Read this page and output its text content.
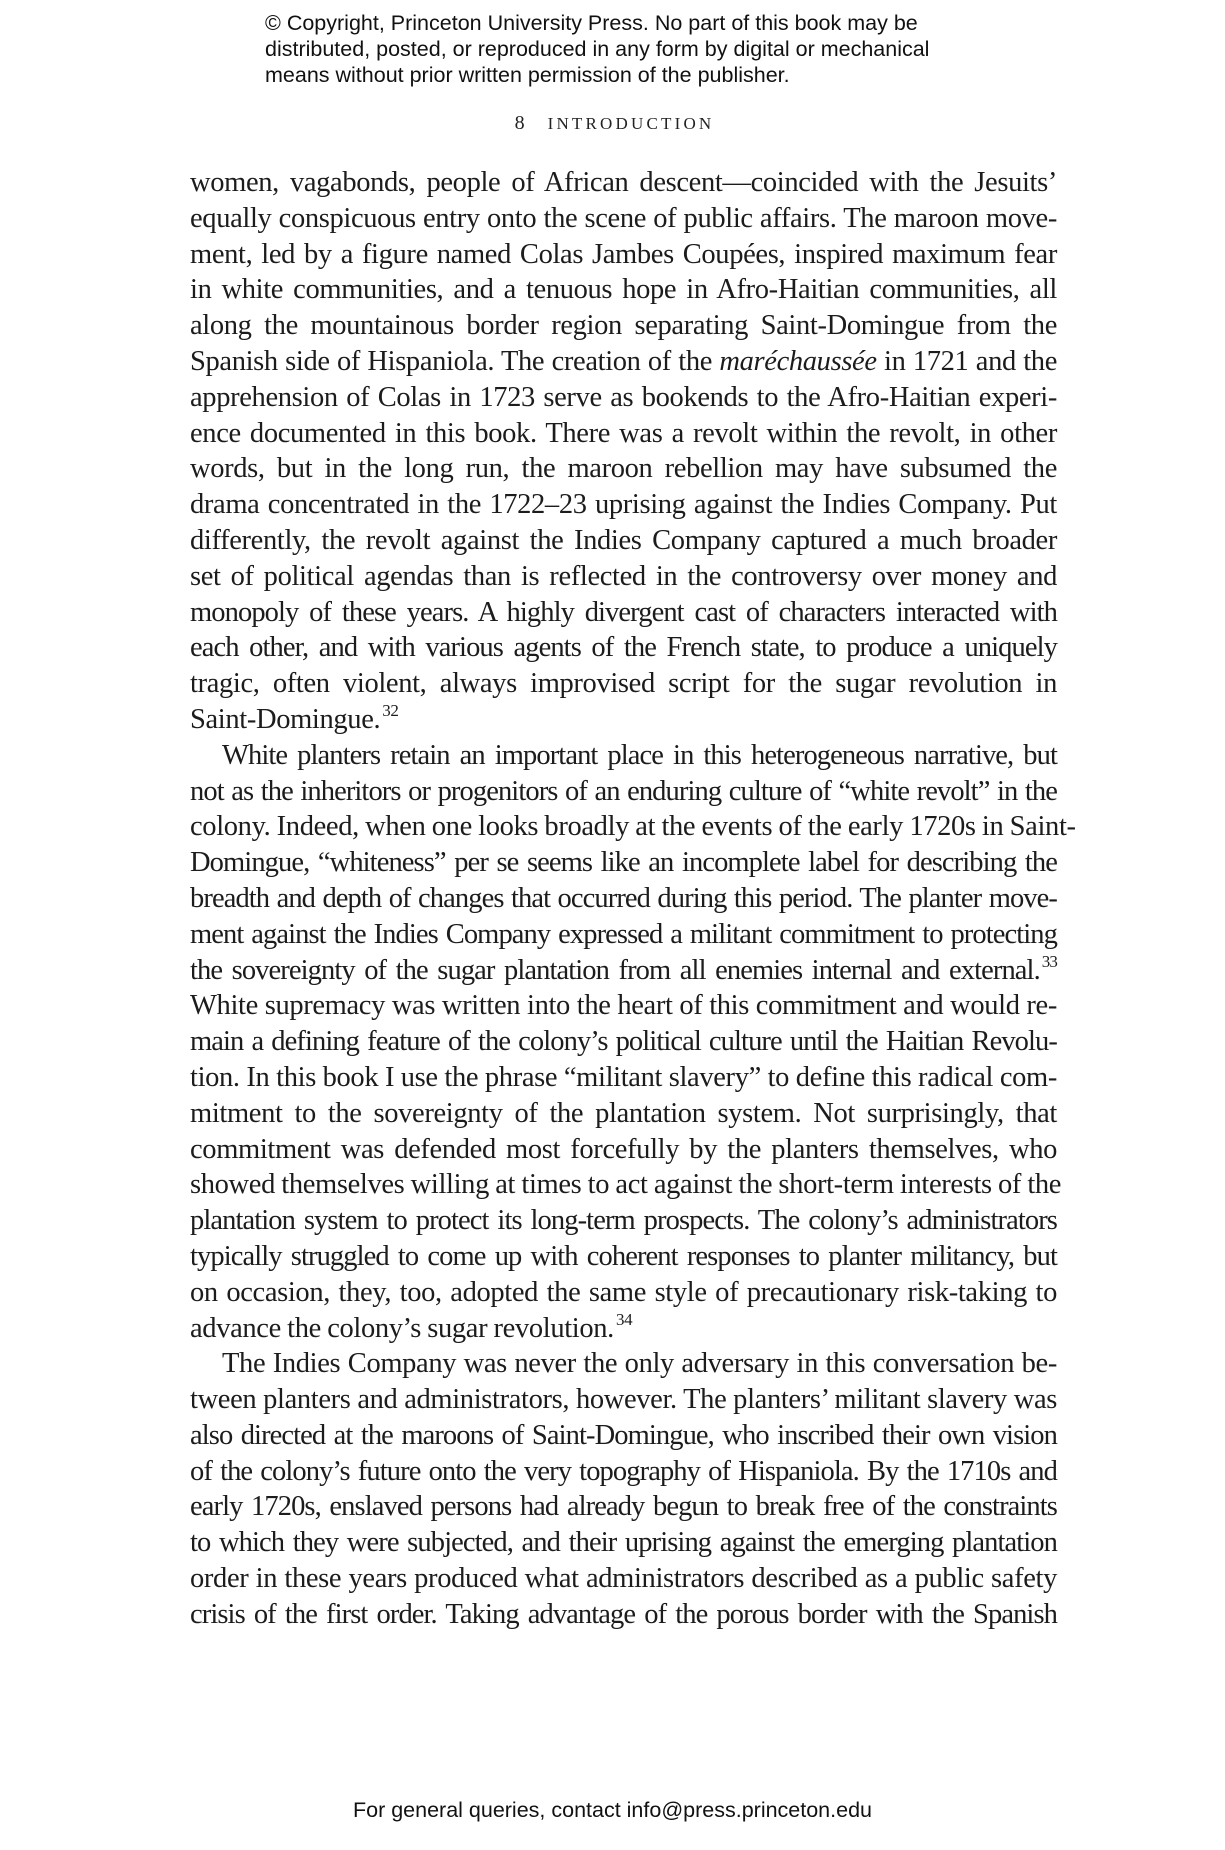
© Copyright, Princeton University Press. No part of this book may be
distributed, posted, or reproduced in any form by digital or mechanical
means without prior written permission of the publisher.
8 INTRODUCTION
women, vagabonds, people of African descent—coincided with the Jesuits’
equally conspicuous entry onto the scene of public affairs. The maroon move-
ment, led by a figure named Colas Jambes Coupées, inspired maximum fear
in white communities, and a tenuous hope in Afro-Haitian communities, all
along the mountainous border region separating Saint-Domingue from the
Spanish side of Hispaniola. The creation of the maréchaussée in 1721 and the
apprehension of Colas in 1723 serve as bookends to the Afro-Haitian experi-
ence documented in this book. There was a revolt within the revolt, in other
words, but in the long run, the maroon rebellion may have subsumed the
drama concentrated in the 1722–23 uprising against the Indies Company. Put
differently, the revolt against the Indies Company captured a much broader
set of political agendas than is reflected in the controversy over money and
monopoly of these years. A highly divergent cast of characters interacted with
each other, and with various agents of the French state, to produce a uniquely
tragic, often violent, always improvised script for the sugar revolution in
Saint-Domingue. $^{32}$
White planters retain an important place in this heterogeneous narrative, but
not as the inheritors or progenitors of an enduring culture of “white revolt” in the
colony. Indeed, when one looks broadly at the events of the early 1720s in Saint-
Domingue, “whiteness” per se seems like an incomplete label for describing the
breadth and depth of changes that occurred during this period. The planter move-
ment against the Indies Company expressed a militant commitment to protecting
the sovereignty of the sugar plantation from all enemies internal and external. $^{33}$
White supremacy was written into the heart of this commitment and would re-
main a defining feature of the colony’s political culture until the Haitian Revolu-
tion. In this book I use the phrase “militant slavery” to define this radical com-
mitment to the sovereignty of the plantation system. Not surprisingly, that
commitment was defended most forcefully by the planters themselves, who
showed themselves willing at times to act against the short-term interests of the
plantation system to protect its long-term prospects. The colony’s administrators
typically struggled to come up with coherent responses to planter militancy, but
on occasion, they, too, adopted the same style of precautionary risk-taking to
advance the colony’s sugar revolution. $^{34}$
The Indies Company was never the only adversary in this conversation be-
tween planters and administrators, however. The planters’ militant slavery was
also directed at the maroons of Saint-Domingue, who inscribed their own vision
of the colony’s future onto the very topography of Hispaniola. By the 1710s and
early 1720s, enslaved persons had already begun to break free of the constraints
to which they were subjected, and their uprising against the emerging plantation
order in these years produced what administrators described as a public safety
crisis of the first order. Taking advantage of the porous border with the Spanish
For general queries, contact info@press.princeton.edu
